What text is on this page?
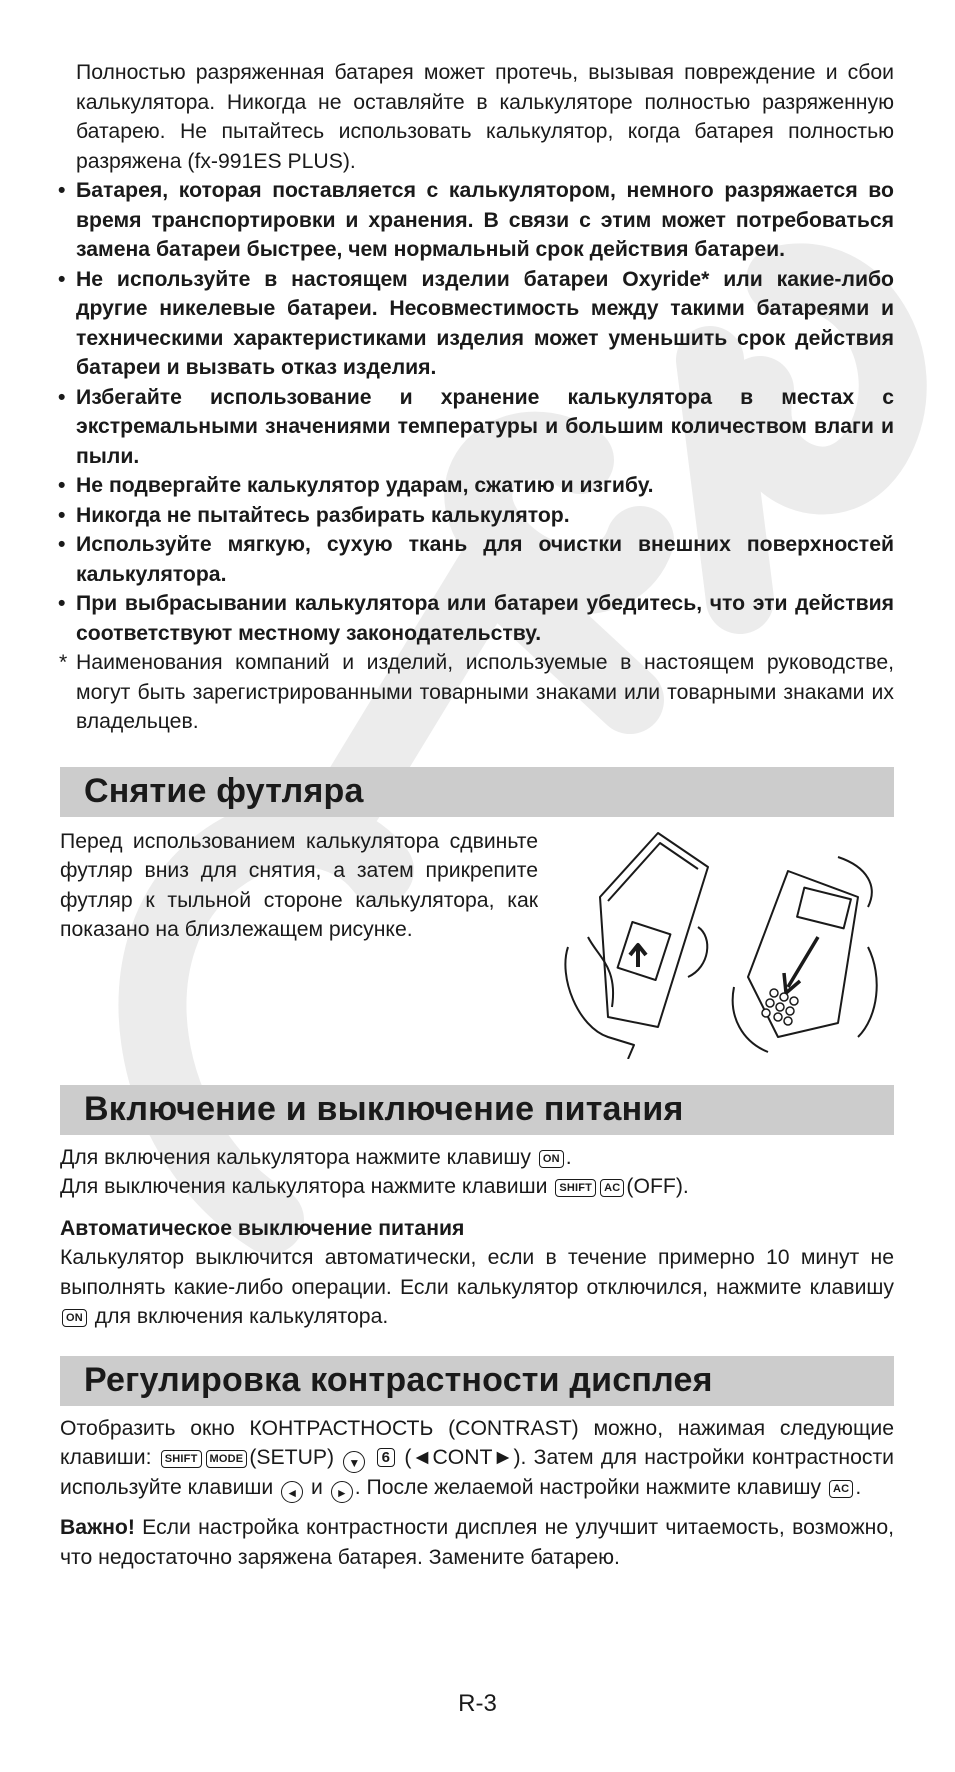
Полностью разряженная батарея может протечь, вызывая повреждение и сбои калькулятора. Никогда не оставляйте в калькуляторе полностью разряженную батарею. Не пытайтесь использовать калькулятор, когда батарея полностью разряжена (fx-991ES PLUS).

• Батарея, которая поставляется с калькулятором, немного разряжается во время транспортировки и хранения. В связи с этим может потребоваться замена батареи быстрее, чем нормальный срок действия батареи.
• Не используйте в настоящем изделии батареи Oxyride* или какие-либо другие никелевые батареи. Несовместимость между такими батареями и техническими характеристиками изделия может уменьшить срок действия батареи и вызвать отказ изделия.
• Избегайте использование и хранение калькулятора в местах с экстремальными значениями температуры и большим количеством влаги и пыли.
• Не подвергайте калькулятор ударам, сжатию и изгибу.
• Никогда не пытайтесь разбирать калькулятор.
• Используйте мягкую, сухую ткань для очистки внешних поверхностей калькулятора.
• При выбрасывании калькулятора или батареи убедитесь, что эти действия соответствуют местному законодательству.
* Наименования компаний и изделий, используемые в настоящем руководстве, могут быть зарегистрированными товарными знаками или товарными знаками их владельцев.
Снятие футляра

Перед использованием калькулятора сдвиньте футляр вниз для снятия, а затем прикрепите футляр к тыльной стороне калькулятора, как показано на близлежащем рисунке.

Включение и выключение питания

Для включения калькулятора нажмите клавишу ON .

Для выключения калькулятора нажмите клавиши SHIFT AC (OFF).

Автоматическое выключение питания

Калькулятор выключится автоматически, если в течение примерно 10 минут не выполнять какие-либо операции. Если калькулятор отключился, нажмите клавишу ON для включения калькулятора.

Регулировка контрастности дисплея

Отобразить окно КОНТРАСТНОСТЬ (CONTRAST) можно, нажимая следующие клавиши: SHIFT MODE (SETUP) ▼ 6 (◄CONT►). Затем для настройки контрастности используйте клавиши ◄ и ► . После желаемой настройки нажмите клавишу AC .

Важно! Если настройка контрастности дисплея не улучшит читаемость, возможно, что недостаточно заряжена батарея. Замените батарею.

R-3
